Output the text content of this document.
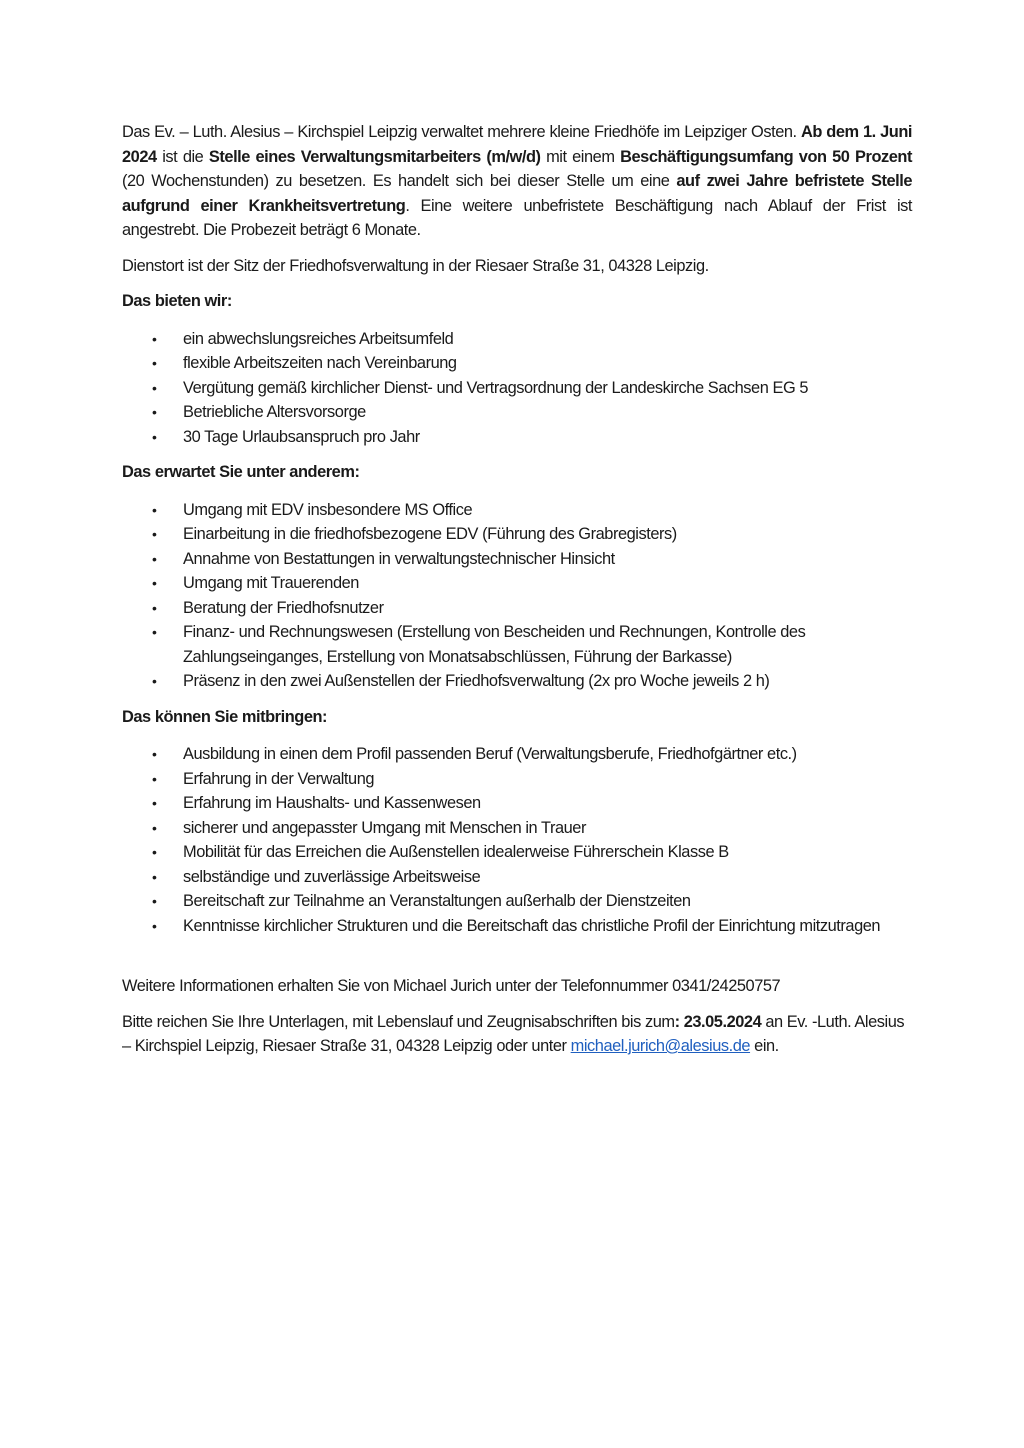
Das Ev. – Luth. Alesius – Kirchspiel Leipzig verwaltet mehrere kleine Friedhöfe im Leipziger Osten. Ab dem 1. Juni 2024 ist die Stelle eines Verwaltungsmitarbeiters (m/w/d) mit einem Beschäftigungsumfang von 50 Prozent (20 Wochenstunden) zu besetzen. Es handelt sich bei dieser Stelle um eine auf zwei Jahre befristete Stelle aufgrund einer Krankheitsvertretung. Eine weitere unbefristete Beschäftigung nach Ablauf der Frist ist angestrebt. Die Probezeit beträgt 6 Monate.

Dienstort ist der Sitz der Friedhofsverwaltung in der Riesaer Straße 31, 04328 Leipzig.

Das bieten wir:
• ein abwechslungsreiches Arbeitsumfeld
• flexible Arbeitszeiten nach Vereinbarung
• Vergütung gemäß kirchlicher Dienst- und Vertragsordnung der Landeskirche Sachsen EG 5
• Betriebliche Altersvorsorge
• 30 Tage Urlaubsanspruch pro Jahr
Das erwartet Sie unter anderem:
• Umgang mit EDV insbesondere MS Office
• Einarbeitung in die friedhofsbezogene EDV (Führung des Grabregisters)
• Annahme von Bestattungen in verwaltungstechnischer Hinsicht
• Umgang mit Trauerenden
• Beratung der Friedhofsnutzer
• Finanz- und Rechnungswesen (Erstellung von Bescheiden und Rechnungen, Kontrolle des Zahlungseinganges, Erstellung von Monatsabschlüssen, Führung der Barkasse)
• Präsenz in den zwei Außenstellen der Friedhofsverwaltung (2x pro Woche jeweils 2 h)
Das können Sie mitbringen:
• Ausbildung in einen dem Profil passenden Beruf (Verwaltungsberufe, Friedhofgärtner etc.)
• Erfahrung in der Verwaltung
• Erfahrung im Haushalts- und Kassenwesen
• sicherer und angepasster Umgang mit Menschen in Trauer
• Mobilität für das Erreichen die Außenstellen idealerweise Führerschein Klasse B
• selbständige und zuverlässige Arbeitsweise
• Bereitschaft zur Teilnahme an Veranstaltungen außerhalb der Dienstzeiten
• Kenntnisse kirchlicher Strukturen und die Bereitschaft das christliche Profil der Einrichtung mitzutragen

Weitere Informationen erhalten Sie von Michael Jurich unter der Telefonnummer 0341/24250757

Bitte reichen Sie Ihre Unterlagen, mit Lebenslauf und Zeugnisabschriften bis zum: 23.05.2024 an Ev. -Luth. Alesius – Kirchspiel Leipzig, Riesaer Straße 31, 04328 Leipzig oder unter michael.jurich@alesius.de ein.
